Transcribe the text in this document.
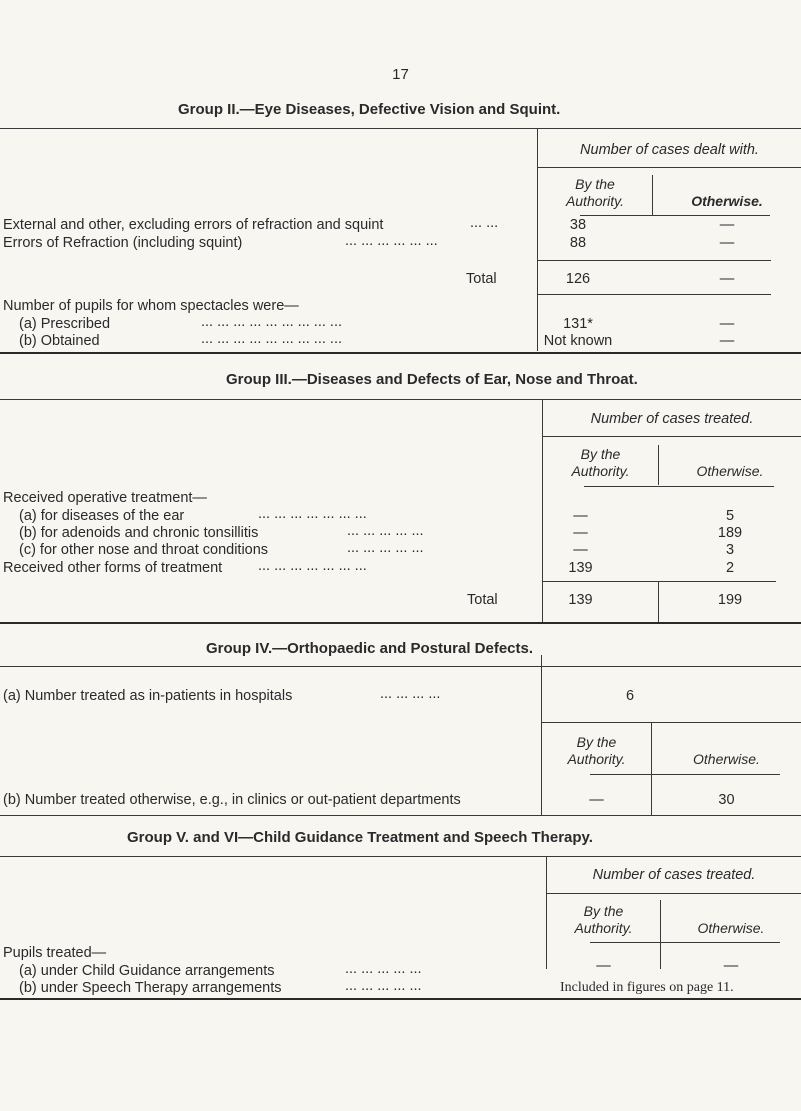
17
Group II.—Eye Diseases, Defective Vision and Squint.
Number of cases dealt with.
By the
Authority.	Otherwise.
External and other, excluding errors of refraction and squint	... ...	38	—
Errors of Refraction (including squint)	... ... ... ... ... ...	88	—
Total	126	—
Number of pupils for whom spectacles were—
(a) Prescribed	... ... ... ... ... ... ... ... ...	131*	—
(b) Obtained	... ... ... ... ... ... ... ... ...	Not known	—
Group III.—Diseases and Defects of Ear, Nose and Throat.
Number of cases treated.
By the
Authority.	Otherwise.
Received operative treatment—
(a) for diseases of the ear	... ... ... ... ... ... ...	—	5
(b) for adenoids and chronic tonsillitis	... ... ... ... ...	—	189
(c) for other nose and throat conditions	... ... ... ... ...	—	3
Received other forms of treatment ... ... ... ... ... ... ...	139	2
Total	139	199
Group IV.—Orthopaedic and Postural Defects.
(a) Number treated as in-patients in hospitals	... ... ... ...	6
By the
Authority.	Otherwise.
(b) Number treated otherwise, e.g., in clinics or out-patient departments	—	30
Group V. and VI—Child Guidance Treatment and Speech Therapy.
Number of cases treated.
By the
Authority.	Otherwise.
Pupils treated—
(a) under Child Guidance arrangements	... ... ... ... ...	—	—
(b) under Speech Therapy arrangements	... ... ... ... ...	Included in figures on page 11.
